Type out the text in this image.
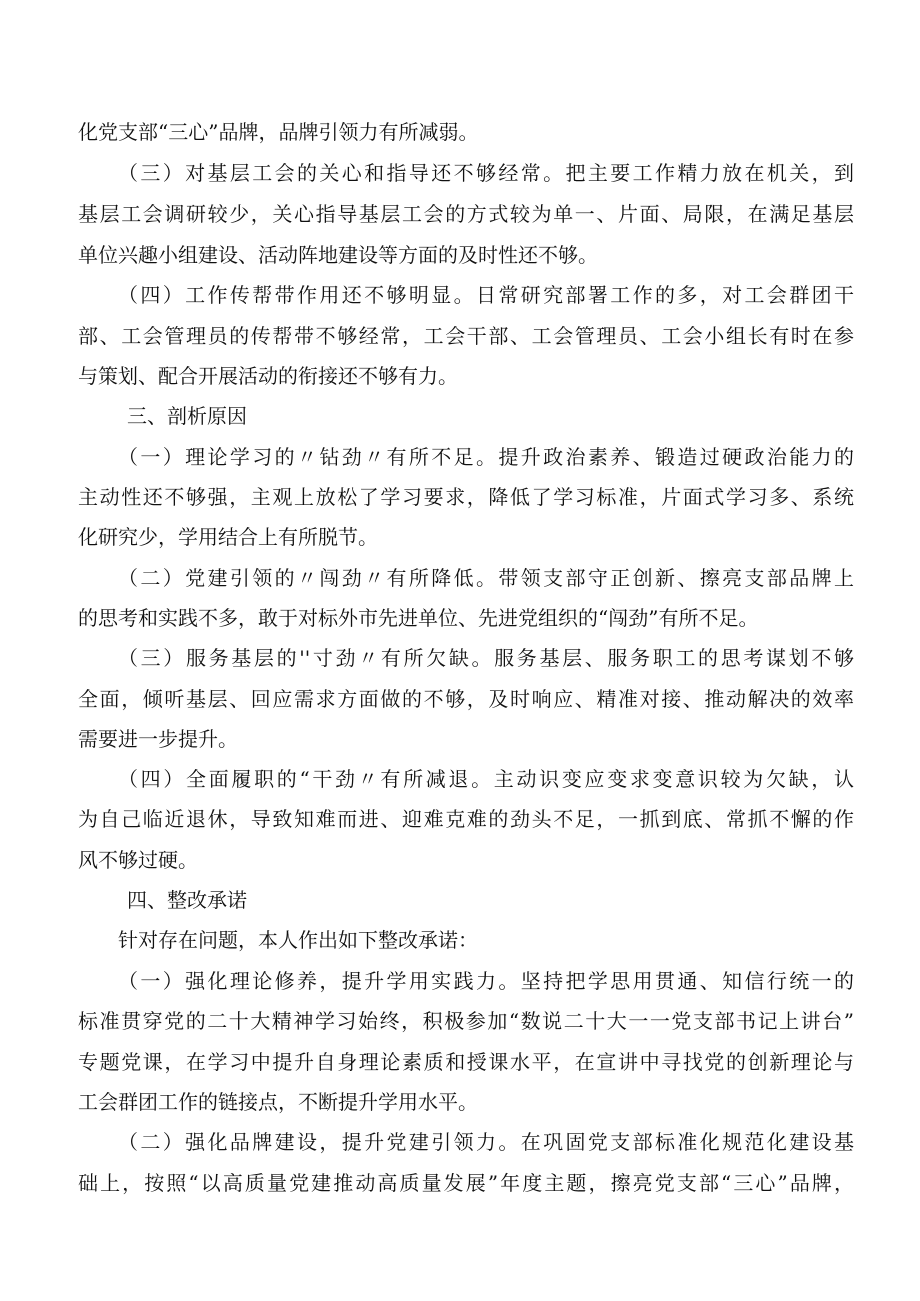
化党支部“三心”品牌，品牌引领力有所减弱。
（三）对基层工会的关心和指导还不够经常。把主要工作精力放在机关，到
基层工会调研较少，关心指导基层工会的方式较为单一、片面、局限，在满足基层
单位兴趣小组建设、活动阵地建设等方面的及时性还不够。
（四）工作传帮带作用还不够明显。日常研究部署工作的多，对工会群团干
部、工会管理员的传帮带不够经常，工会干部、工会管理员、工会小组长有时在参
与策划、配合开展活动的衔接还不够有力。
三、剖析原因
（一）理论学习的〃钻劲〃有所不足。提升政治素养、锻造过硬政治能力的
主动性还不够强，主观上放松了学习要求，降低了学习标准，片面式学习多、系统
化研究少，学用结合上有所脱节。
（二）党建引领的〃闯劲〃有所降低。带领支部守正创新、擦亮支部品牌上
的思考和实践不多，敢于对标外市先进单位、先进党组织的“闯劲”有所不足。
（三）服务基层的''寸劲〃有所欠缺。服务基层、服务职工的思考谋划不够
全面，倾听基层、回应需求方面做的不够，及时响应、精准对接、推动解决的效率
需要进一步提升。
（四）全面履职的“干劲〃有所减退。主动识变应变求变意识较为欠缺，认
为自己临近退休，导致知难而进、迎难克难的劲头不足，一抓到底、常抓不懈的作
风不够过硬。
四、整改承诺
针对存在问题，本人作出如下整改承诺：
（一）强化理论修养，提升学用实践力。坚持把学思用贯通、知信行统一的
标准贯穿党的二十大精神学习始终，积极参加“数说二十大一一党支部书记上讲台”
专题党课，在学习中提升自身理论素质和授课水平，在宣讲中寻找党的创新理论与
工会群团工作的链接点，不断提升学用水平。
（二）强化品牌建设，提升党建引领力。在巩固党支部标准化规范化建设基
础上，按照“以高质量党建推动高质量发展”年度主题，擦亮党支部“三心”品牌，
